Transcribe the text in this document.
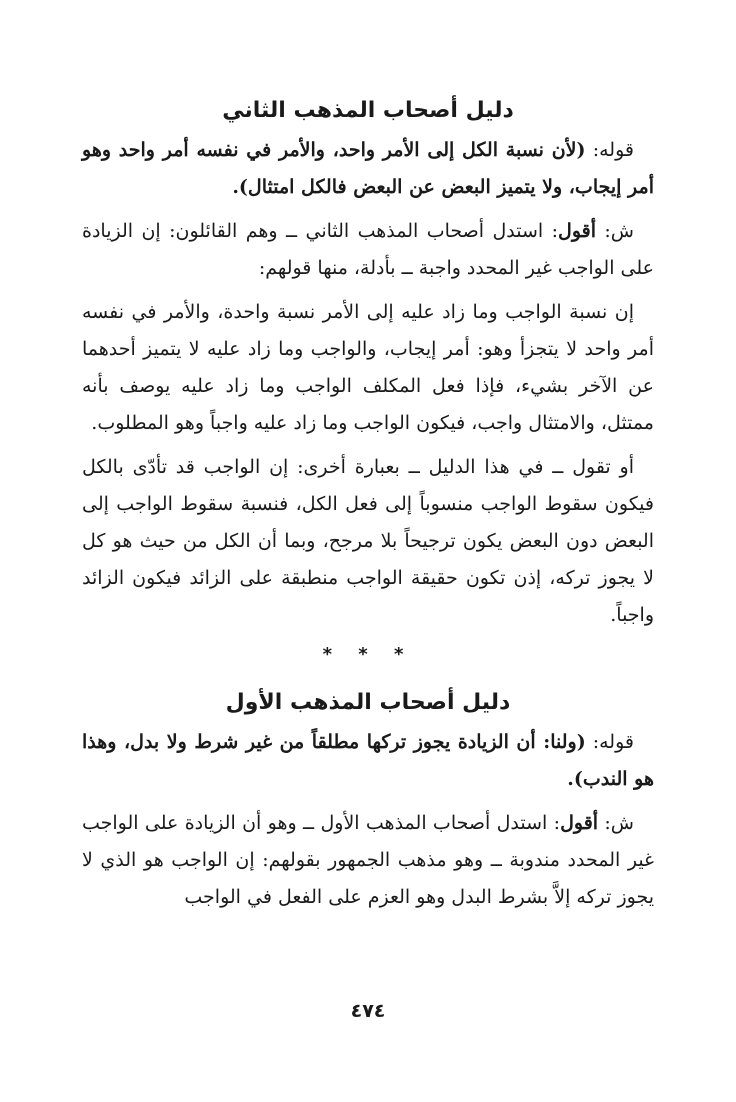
دليل أصحاب المذهب الثاني

قوله: (لأن نسبة الكل إلى الأمر واحد، والأمر في نفسه أمر واحد وهو أمر إيجاب، ولا يتميز البعض عن البعض فالكل امتثال).

ش: أقول: استدل أصحاب المذهب الثاني ــ وهم القائلون: إن الزيادة على الواجب غير المحدد واجبة ــ بأدلة، منها قولهم:

إن نسبة الواجب وما زاد عليه إلى الأمر نسبة واحدة، والأمر في نفسه أمر واحد لا يتجزأ وهو: أمر إيجاب، والواجب وما زاد عليه لا يتميز أحدهما عن الآخر بشيء، فإذا فعل المكلف الواجب وما زاد عليه يوصف بأنه ممتثل، والامتثال واجب، فيكون الواجب وما زاد عليه واجباً وهو المطلوب.

أو تقول ــ في هذا الدليل ــ بعبارة أخرى: إن الواجب قد تأدّى بالكل فيكون سقوط الواجب منسوباً إلى فعل الكل، فنسبة سقوط الواجب إلى البعض دون البعض يكون ترجيحاً بلا مرجح، وبما أن الكل من حيث هو كل لا يجوز تركه، إذن تكون حقيقة الواجب منطبقة على الزائد فيكون الزائد واجباً.

* * *
دليل أصحاب المذهب الأول

قوله: (ولنا: أن الزيادة يجوز تركها مطلقاً من غير شرط ولا بدل، وهذا هو الندب).

ش: أقول: استدل أصحاب المذهب الأول ــ وهو أن الزيادة على الواجب غير المحدد مندوبة ــ وهو مذهب الجمهور بقولهم: إن الواجب هو الذي لا يجوز تركه إلاَّ بشرط البدل وهو العزم على الفعل في الواجب

٤٧٤
